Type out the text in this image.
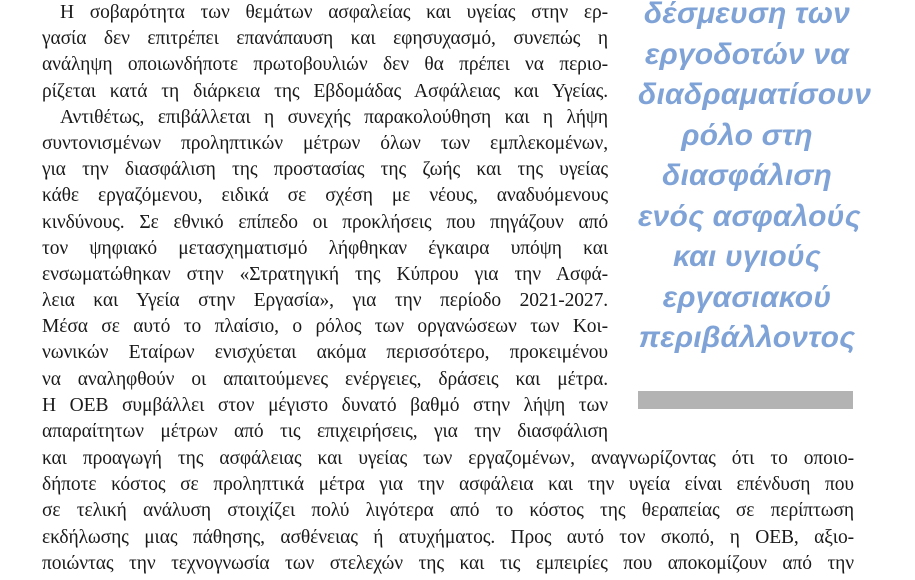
Η σοβαρότητα των θεμάτων ασφαλείας και υγείας στην ερ-
γασία δεν επιτρέπει επανάπαυση και εφησυχασμό, συνεπώς η
ανάληψη οποιωνδήποτε πρωτοβουλιών δεν θα πρέπει να περιο-
ρίζεται κατά τη διάρκεια της Εβδομάδας Ασφάλειας και Υγείας.
Αντιθέτως, επιβάλλεται η συνεχής παρακολούθηση και η λήψη
συντονισμένων προληπτικών μέτρων όλων των εμπλεκομένων,
για την διασφάλιση της προστασίας της ζωής και της υγείας
κάθε εργαζόμενου, ειδικά σε σχέση με νέους, αναδυόμενους
κινδύνους. Σε εθνικό επίπεδο οι προκλήσεις που πηγάζουν από
τον ψηφιακό μετασχηματισμό λήφθηκαν έγκαιρα υπόψη και
ενσωματώθηκαν στην «Στρατηγική της Κύπρου για την Ασφά-
λεια και Υγεία στην Εργασία», για την περίοδο 2021-2027.
Μέσα σε αυτό το πλαίσιο, ο ρόλος των οργανώσεων των Κοι-
νωνικών Εταίρων ενισχύεται ακόμα περισσότερο, προκειμένου
να αναληφθούν οι απαιτούμενες ενέργειες, δράσεις και μέτρα.
Η ΟΕΒ συμβάλλει στον μέγιστο δυνατό βαθμό στην λήψη των
απαραίτητων μέτρων από τις επιχειρήσεις, για την διασφάλιση
και προαγωγή της ασφάλειας και υγείας των εργαζομένων, αναγνωρίζοντας ότι το οποιο-
δήποτε κόστος σε προληπτικά μέτρα για την ασφάλεια και την υγεία είναι επένδυση που
σε τελική ανάλυση στοιχίζει πολύ λιγότερα από το κόστος της θεραπείας σε περίπτωση
εκδήλωσης μιας πάθησης, ασθένειας ή ατυχήματος. Προς αυτό τον σκοπό, η ΟΕΒ, αξιο-
ποιώντας την τεχνογνωσία των στελεχών της και τις εμπειρίες που αποκομίζουν από την
δέσμευση των
εργοδοτών να
διαδραματίσουν
ρόλο στη
διασφάλιση
ενός ασφαλούς
και υγιούς
εργασιακού
περιβάλλοντος
